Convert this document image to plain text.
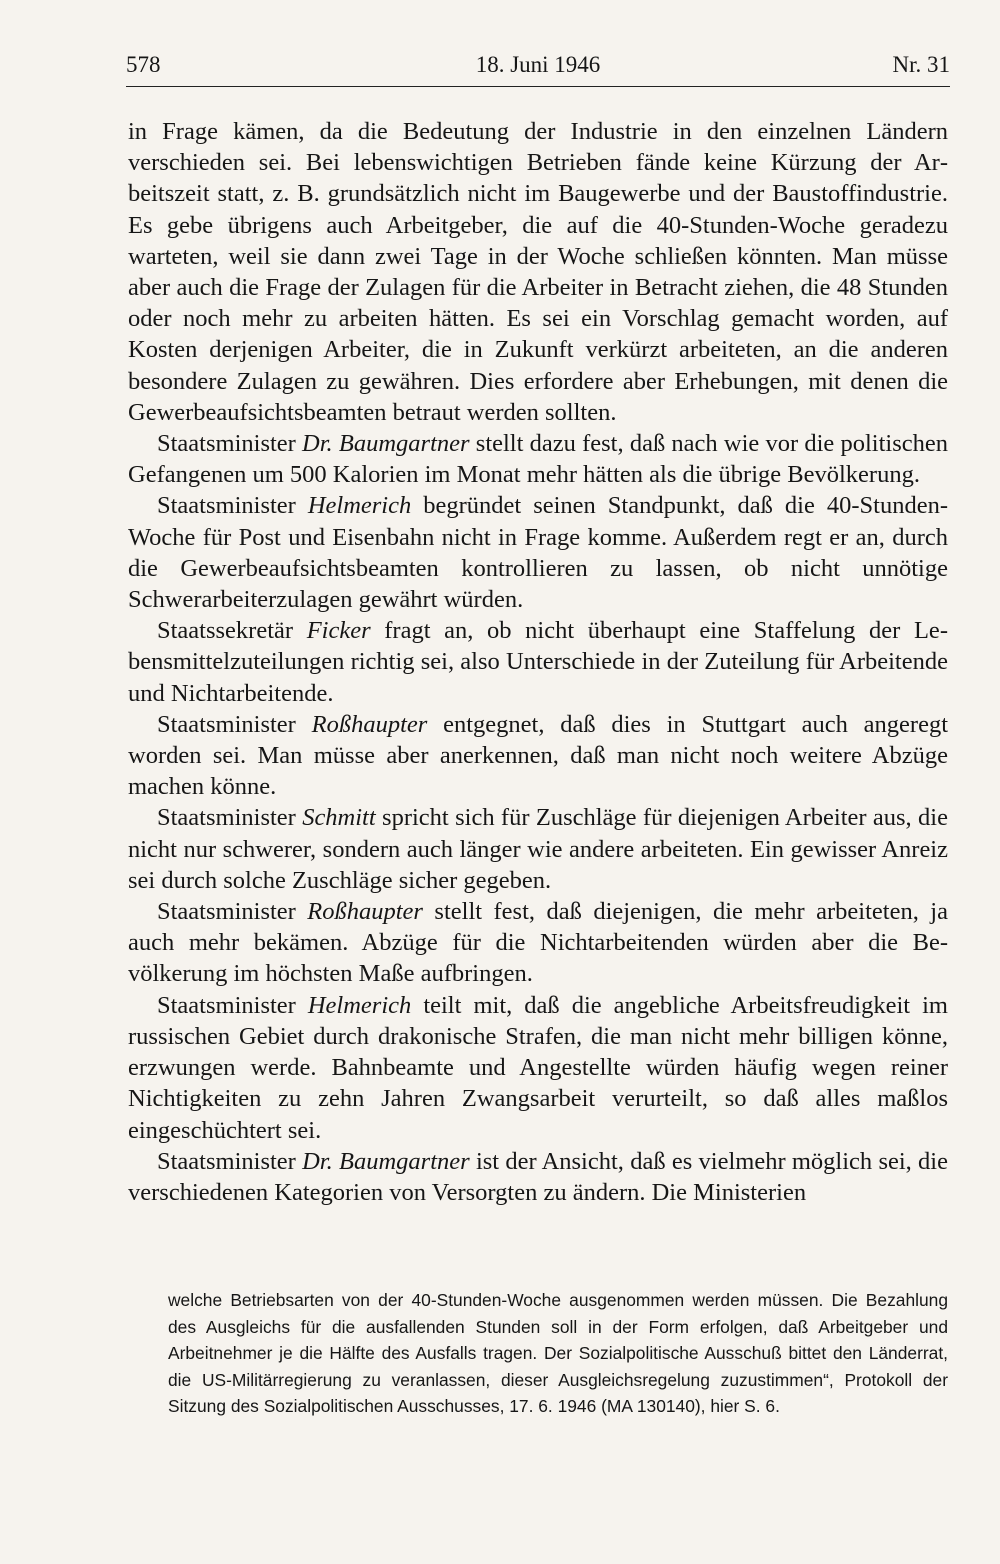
578	18. Juni 1946	Nr. 31

in Frage kämen, da die Bedeutung der Industrie in den einzelnen Ländern verschieden sei. Bei lebenswichtigen Betrieben fände keine Kürzung der Arbeitszeit statt, z. B. grundsätzlich nicht im Baugewerbe und der Baustoffindustrie. Es gebe übrigens auch Arbeitgeber, die auf die 40-Stunden-Woche geradezu warteten, weil sie dann zwei Tage in der Woche schließen könnten. Man müsse aber auch die Frage der Zulagen für die Arbeiter in Betracht ziehen, die 48 Stunden oder noch mehr zu arbeiten hätten. Es sei ein Vorschlag gemacht worden, auf Kosten derjenigen Arbeiter, die in Zukunft verkürzt arbeiteten, an die anderen besondere Zulagen zu gewähren. Dies erfordere aber Erhebungen, mit denen die Gewerbeaufsichtsbeamten betraut werden sollten.

Staatsminister Dr. Baumgartner stellt dazu fest, daß nach wie vor die politischen Gefangenen um 500 Kalorien im Monat mehr hätten als die übrige Bevölkerung.

Staatsminister Helmerich begründet seinen Standpunkt, daß die 40-Stunden-Woche für Post und Eisenbahn nicht in Frage komme. Außerdem regt er an, durch die Gewerbeaufsichtsbeamten kontrollieren zu lassen, ob nicht unnötige Schwerarbeiterzulagen gewährt würden.

Staatssekretär Ficker fragt an, ob nicht überhaupt eine Staffelung der Lebensmittelzuteilungen richtig sei, also Unterschiede in der Zuteilung für Arbeitende und Nichtarbeitende.

Staatsminister Roßhaupter entgegnet, daß dies in Stuttgart auch angeregt worden sei. Man müsse aber anerkennen, daß man nicht noch weitere Abzüge machen könne.

Staatsminister Schmitt spricht sich für Zuschläge für diejenigen Arbeiter aus, die nicht nur schwerer, sondern auch länger wie andere arbeiteten. Ein gewisser Anreiz sei durch solche Zuschläge sicher gegeben.

Staatsminister Roßhaupter stellt fest, daß diejenigen, die mehr arbeiteten, ja auch mehr bekämen. Abzüge für die Nichtarbeitenden würden aber die Bevölkerung im höchsten Maße aufbringen.

Staatsminister Helmerich teilt mit, daß die angebliche Arbeitsfreudigkeit im russischen Gebiet durch drakonische Strafen, die man nicht mehr billigen könne, erzwungen werde. Bahnbeamte und Angestellte würden häufig wegen reiner Nichtigkeiten zu zehn Jahren Zwangsarbeit verurteilt, so daß alles maßlos eingeschüchtert sei.

Staatsminister Dr. Baumgartner ist der Ansicht, daß es vielmehr möglich sei, die verschiedenen Kategorien von Versorgten zu ändern. Die Ministerien

welche Betriebsarten von der 40-Stunden-Woche ausgenommen werden müssen. Die Bezahlung des Ausgleichs für die ausfallenden Stunden soll in der Form erfolgen, daß Arbeitgeber und Arbeitnehmer je die Hälfte des Ausfalls tragen. Der Sozialpolitische Ausschuß bittet den Länderrat, die US-Militärregierung zu veranlassen, dieser Ausgleichsregelung zuzustimmen“, Protokoll der Sitzung des Sozialpolitischen Ausschusses, 17. 6. 1946 (MA 130140), hier S. 6.
